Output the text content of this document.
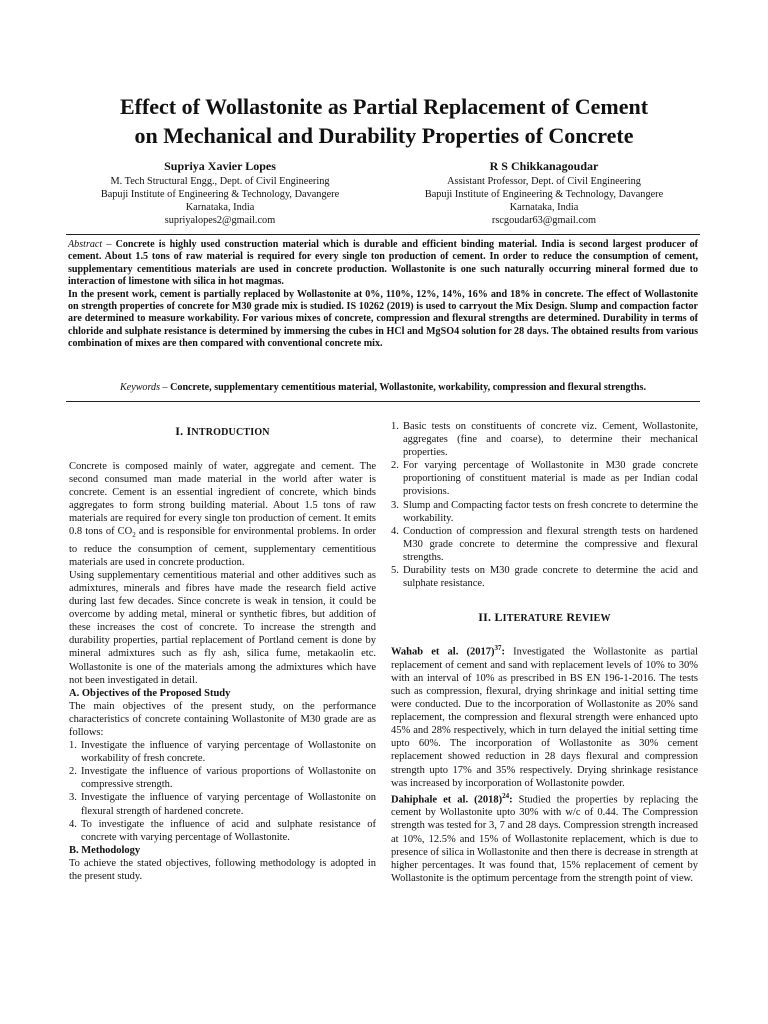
Effect of Wollastonite as Partial Replacement of Cement
on Mechanical and Durability Properties of Concrete
Supriya Xavier Lopes
M. Tech Structural Engg., Dept. of Civil Engineering
Bapuji Institute of Engineering & Technology, Davangere
Karnataka, India
supriyalopes2@gmail.com
R S Chikkanagoudar
Assistant Professor, Dept. of Civil Engineering
Bapuji Institute of Engineering & Technology, Davangere
Karnataka, India
rscgoudar63@gmail.com

Abstract – Concrete is highly used construction material which is durable and efficient binding material. India is second largest producer of cement. About 1.5 tons of raw material is required for every single ton production of cement. In order to reduce the consumption of cement, supplementary cementitious materials are used in concrete production. Wollastonite is one such naturally occurring mineral formed due to interaction of limestone with silica in hot magmas.

In the present work, cement is partially replaced by Wollastonite at 0%, 110%, 12%, 14%, 16% and 18% in concrete. The effect of Wollastonite on strength properties of concrete for M30 grade mix is studied. IS 10262 (2019) is used to carryout the Mix Design. Slump and compaction factor are determined to measure workability. For various mixes of concrete, compression and flexural strengths are determined. Durability in terms of chloride and sulphate resistance is determined by immersing the cubes in HCl and MgSO4 solution for 28 days. The obtained results from various combination of mixes are then compared with conventional concrete mix.

Keywords – Concrete, supplementary cementitious material, Wollastonite, workability, compression and flexural strengths.
I. INTRODUCTION

Concrete is composed mainly of water, aggregate and cement. The second consumed man made material in the world after water is concrete. Cement is an essential ingredient of concrete, which binds aggregates to form strong building material. About 1.5 tons of raw materials are required for every single ton production of cement. It emits 0.8 tons of $CO_2$ and is responsible for environmental problems. In order to reduce the consumption of cement, supplementary cementitious materials are used in concrete production.

Using supplementary cementitious material and other additives such as admixtures, minerals and fibres have made the research field active during last few decades. Since concrete is weak in tension, it could be overcome by adding metal, mineral or synthetic fibres, but addition of these increases the cost of concrete. To increase the strength and durability properties, partial replacement of Portland cement is done by mineral admixtures such as fly ash, silica fume, metakaolin etc. Wollastonite is one of the materials among the admixtures which have not been investigated in detail.

A. Objectives of the Proposed Study

The main objectives of the present study, on the performance characteristics of concrete containing Wollastonite of M30 grade are as follows:

1. Investigate the influence of varying percentage of Wollastonite on workability of fresh concrete.
2. Investigate the influence of various proportions of Wollastonite on compressive strength.
3. Investigate the influence of varying percentage of Wollastonite on flexural strength of hardened concrete.
4. To investigate the influence of acid and sulphate resistance of concrete with varying percentage of Wollastonite.

B. Methodology

To achieve the stated objectives, following methodology is adopted in the present study.

1. Basic tests on constituents of concrete viz. Cement, Wollastonite, aggregates (fine and coarse), to determine their mechanical properties.
2. For varying percentage of Wollastonite in M30 grade concrete proportioning of constituent material is made as per Indian codal provisions.
3. Slump and Compacting factor tests on fresh concrete to determine the workability.
4. Conduction of compression and flexural strength tests on hardened M30 grade concrete to determine the compressive and flexural strengths.
5. Durability tests on M30 grade concrete to determine the acid and sulphate resistance.
II. LITERATURE REVIEW

Wahab et al. $(2017)^{37}$: Investigated the Wollastonite as partial replacement of cement and sand with replacement levels of 10% to 30% with an interval of 10% as prescribed in BS EN 196-1-2016. The tests such as compression, flexural, drying shrinkage and initial setting time were conducted. Due to the incorporation of Wollastonite as 20% sand replacement, the compression and flexural strength were enhanced upto 45% and 28% respectively, which in turn delayed the initial setting time upto 60%. The incorporation of Wollastonite as 30% cement replacement showed reduction in 28 days flexural and compression strength upto 17% and 35% respectively. Drying shrinkage resistance was increased by incorporation of Wollastonite powder.

Dahiphale et al. $(2018)^{24}$: Studied the properties by replacing the cement by Wollastonite upto 30% with w/c of 0.44. The Compression strength was tested for 3, 7 and 28 days. Compression strength increased at 10%, 12.5% and 15% of Wollastonite replacement, which is due to presence of silica in Wollastonite and then there is decrease in strength at higher percentages. It was found that, 15% replacement of cement by Wollastonite is the optimum percentage from the strength point of view.
